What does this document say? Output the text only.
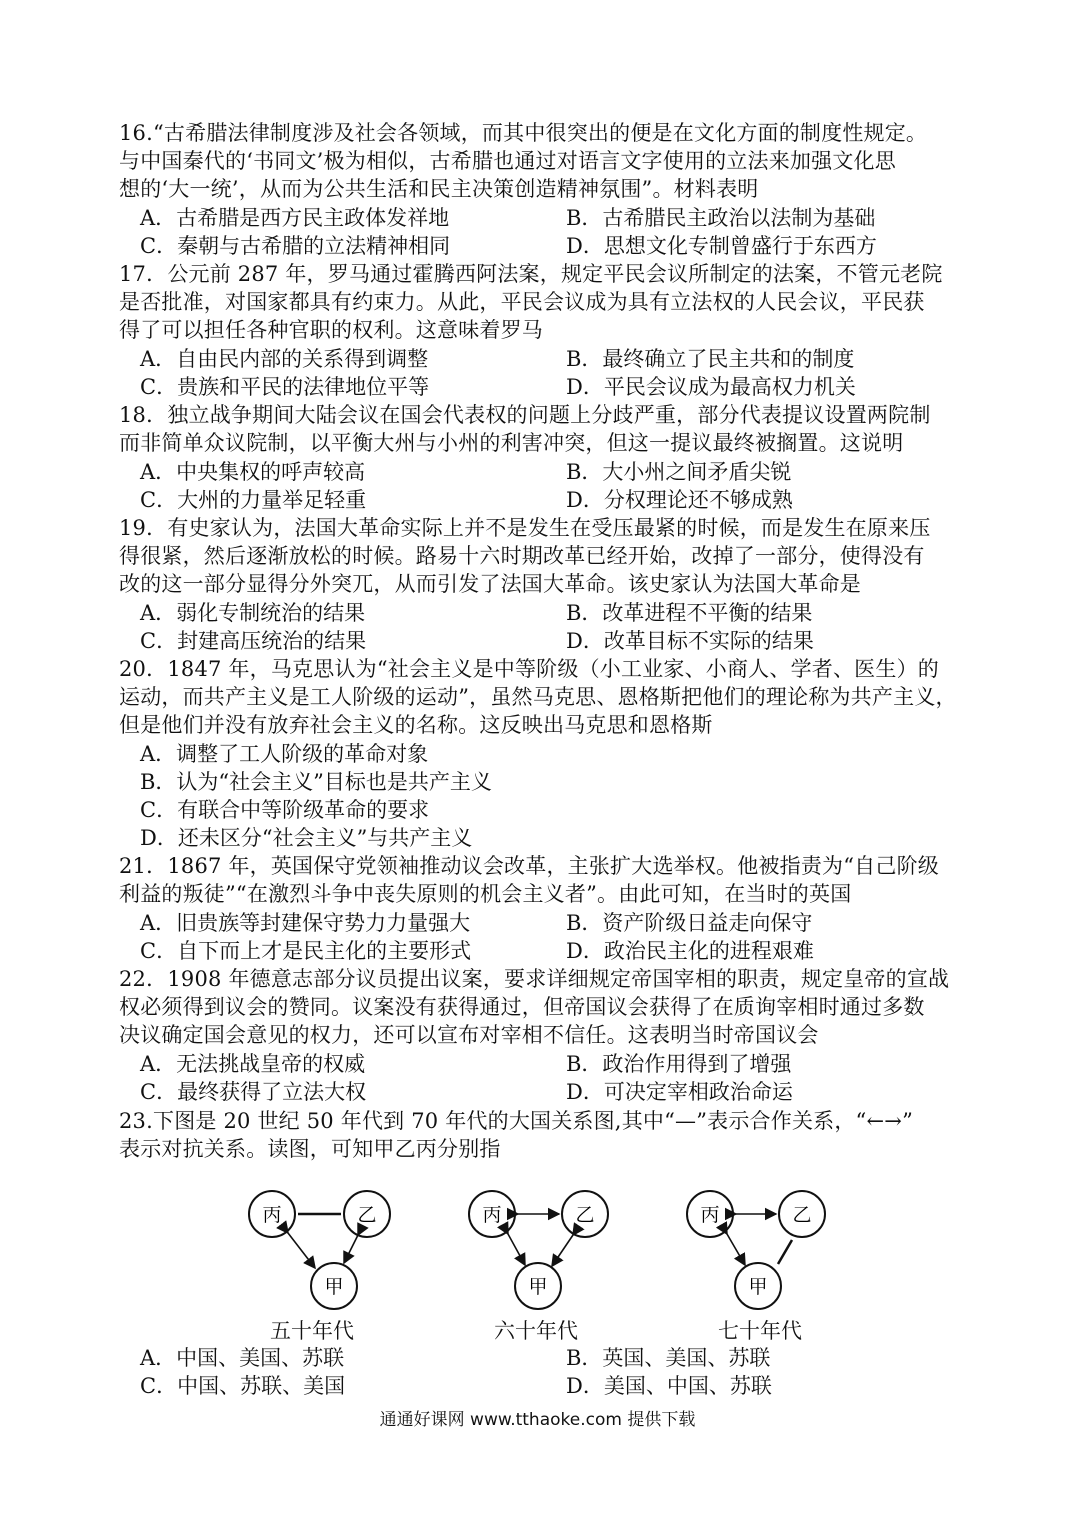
16.“古希腊法律制度涉及社会各领域，而其中很突出的便是在文化方面的制度性规定。
与中国秦代的‘书同文’极为相似，古希腊也通过对语言文字使用的立法来加强文化思
想的‘大一统’，从而为公共生活和民主决策创造精神氛围”。材料表明
A．古希腊是西方民主政体发祥地	B．古希腊民主政治以法制为基础
C．秦朝与古希腊的立法精神相同	D．思想文化专制曾盛行于东西方
17．公元前 287 年，罗马通过霍腾西阿法案，规定平民会议所制定的法案，不管元老院
是否批准，对国家都具有约束力。从此，平民会议成为具有立法权的人民会议，平民获
得了可以担任各种官职的权利。这意味着罗马
A．自由民内部的关系得到调整	B．最终确立了民主共和的制度
C．贵族和平民的法律地位平等	D．平民会议成为最高权力机关
18．独立战争期间大陆会议在国会代表权的问题上分歧严重，部分代表提议设置两院制
而非简单众议院制，以平衡大州与小州的利害冲突，但这一提议最终被搁置。这说明
A．中央集权的呼声较高	B．大小州之间矛盾尖锐
C．大州的力量举足轻重	D．分权理论还不够成熟
19．有史家认为，法国大革命实际上并不是发生在受压最紧的时候，而是发生在原来压
得很紧，然后逐渐放松的时候。路易十六时期改革已经开始，改掉了一部分，使得没有
改的这一部分显得分外突兀，从而引发了法国大革命。该史家认为法国大革命是
A．弱化专制统治的结果	B．改革进程不平衡的结果
C．封建高压统治的结果	D．改革目标不实际的结果
20．1847 年，马克思认为“社会主义是中等阶级（小工业家、小商人、学者、医生）的
运动，而共产主义是工人阶级的运动”，虽然马克思、恩格斯把他们的理论称为共产主义，
但是他们并没有放弃社会主义的名称。这反映出马克思和恩格斯
A．调整了工人阶级的革命对象
B．认为“社会主义”目标也是共产主义
C．有联合中等阶级革命的要求
D．还未区分“社会主义”与共产主义
21．1867 年，英国保守党领袖推动议会改革，主张扩大选举权。他被指责为“自己阶级
利益的叛徒”“在激烈斗争中丧失原则的机会主义者”。由此可知，在当时的英国
A．旧贵族等封建保守势力力量强大	B．资产阶级日益走向保守
C．自下而上才是民主化的主要形式	D．政治民主化的进程艰难
22．1908 年德意志部分议员提出议案，要求详细规定帝国宰相的职责，规定皇帝的宣战
权必须得到议会的赞同。议案没有获得通过，但帝国议会获得了在质询宰相时通过多数
决议确定国会意见的权力，还可以宣布对宰相不信任。这表明当时帝国议会
A．无法挑战皇帝的权威	B．政治作用得到了增强
C．最终获得了立法大权	D．可决定宰相政治命运
23.下图是 20 世纪 50 年代到 70 年代的大国关系图,其中“—”表示合作关系，“←→”
表示对抗关系。读图，可知甲乙丙分别指
丙	乙
甲
丙	乙
甲
丙	乙
甲
五十年代	六十年代	七十年代
A．中国、美国、苏联	B．英国、美国、苏联
C．中国、苏联、美国	D．美国、中国、苏联
通通好课网 www.tthaoke.com 提供下载
